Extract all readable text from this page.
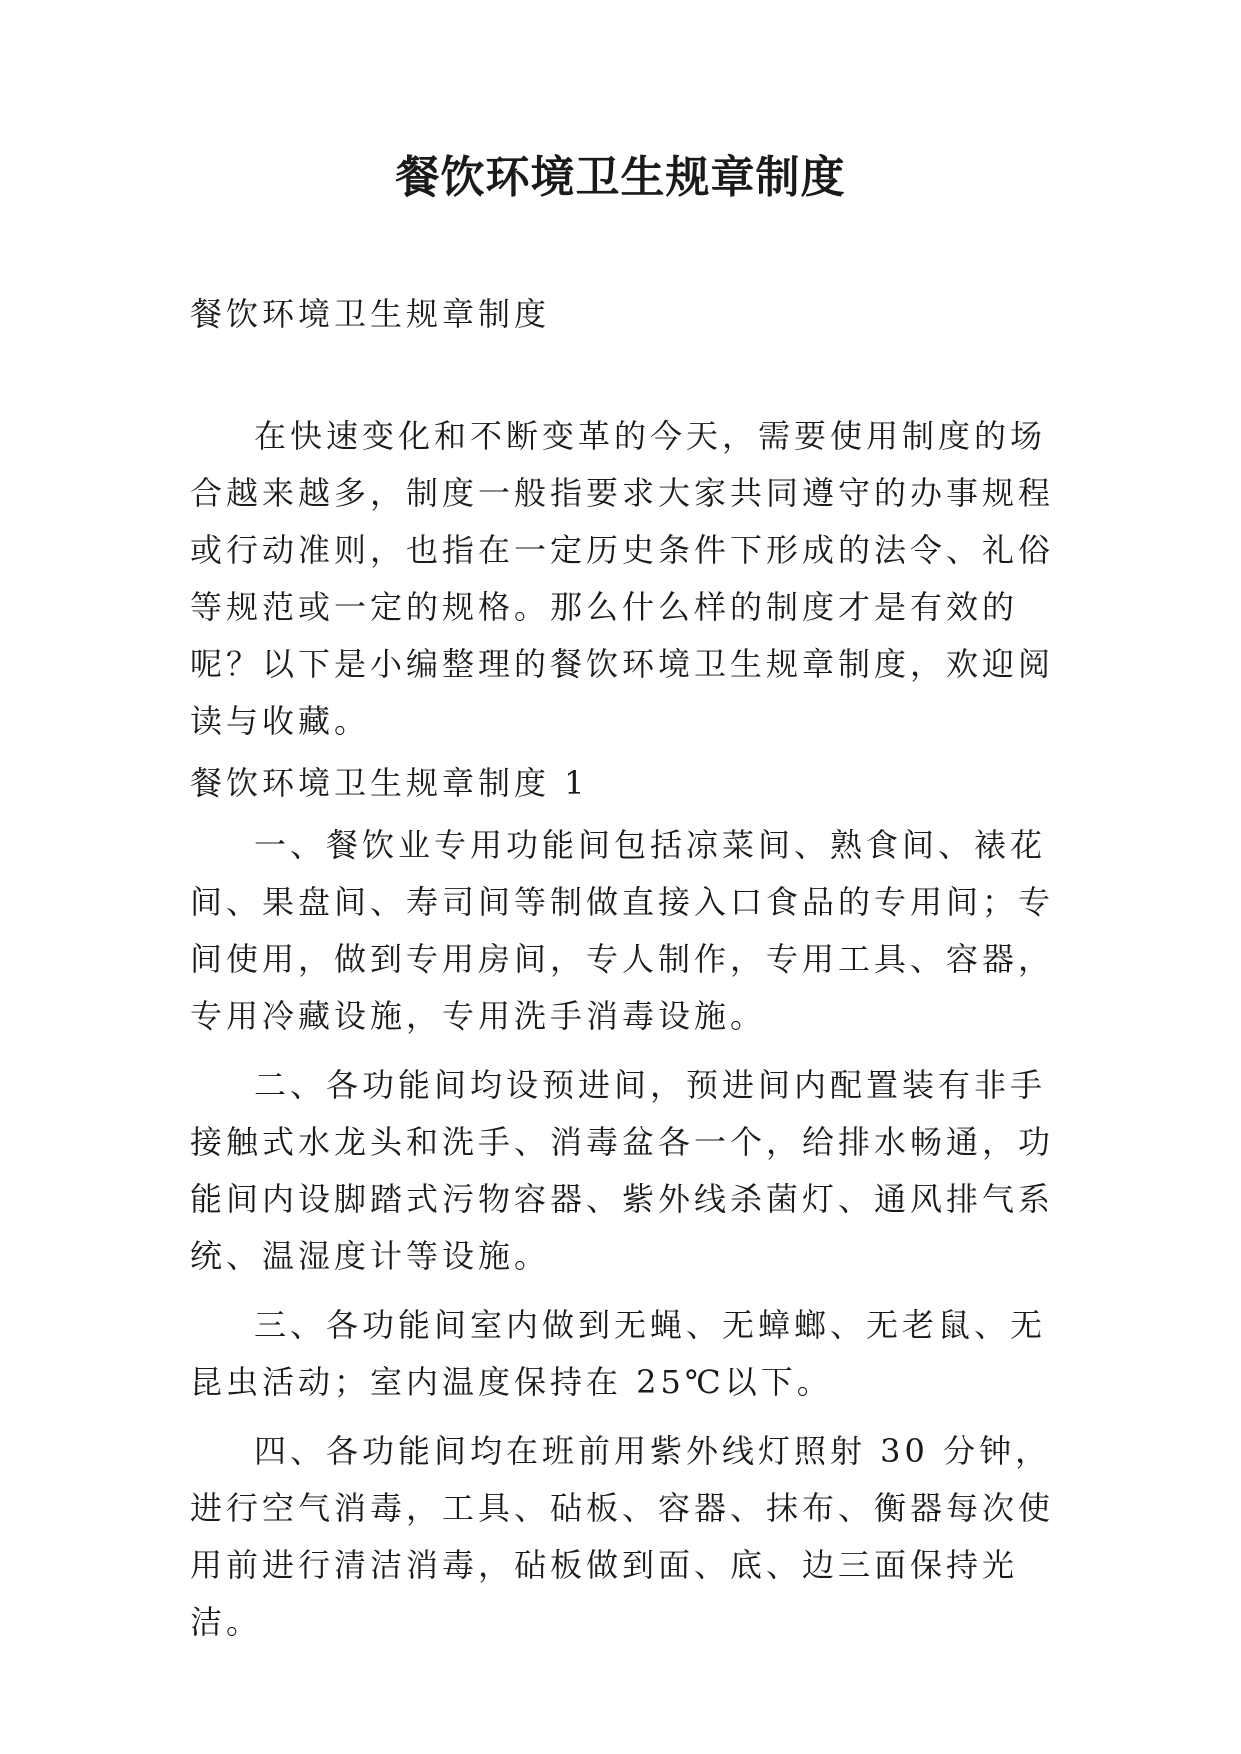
餐饮环境卫生规章制度

餐饮环境卫生规章制度

在快速变化和不断变革的今天，需要使用制度的场合越来越多，制度一般指要求大家共同遵守的办事规程或行动准则，也指在一定历史条件下形成的法令、礼俗等规范或一定的规格。那么什么样的制度才是有效的呢？以下是小编整理的餐饮环境卫生规章制度，欢迎阅读与收藏。

餐饮环境卫生规章制度 1

一、餐饮业专用功能间包括凉菜间、熟食间、裱花间、果盘间、寿司间等制做直接入口食品的专用间；专间使用，做到专用房间，专人制作，专用工具、容器，专用冷藏设施，专用洗手消毒设施。

二、各功能间均设预进间，预进间内配置装有非手接触式水龙头和洗手、消毒盆各一个，给排水畅通，功能间内设脚踏式污物容器、紫外线杀菌灯、通风排气系统、温湿度计等设施。

三、各功能间室内做到无蝇、无蟑螂、无老鼠、无昆虫活动；室内温度保持在 25℃以下。

四、各功能间均在班前用紫外线灯照射 30 分钟，进行空气消毒，工具、砧板、容器、抹布、衡器每次使用前进行清洁消毒，砧板做到面、底、边三面保持光洁。
